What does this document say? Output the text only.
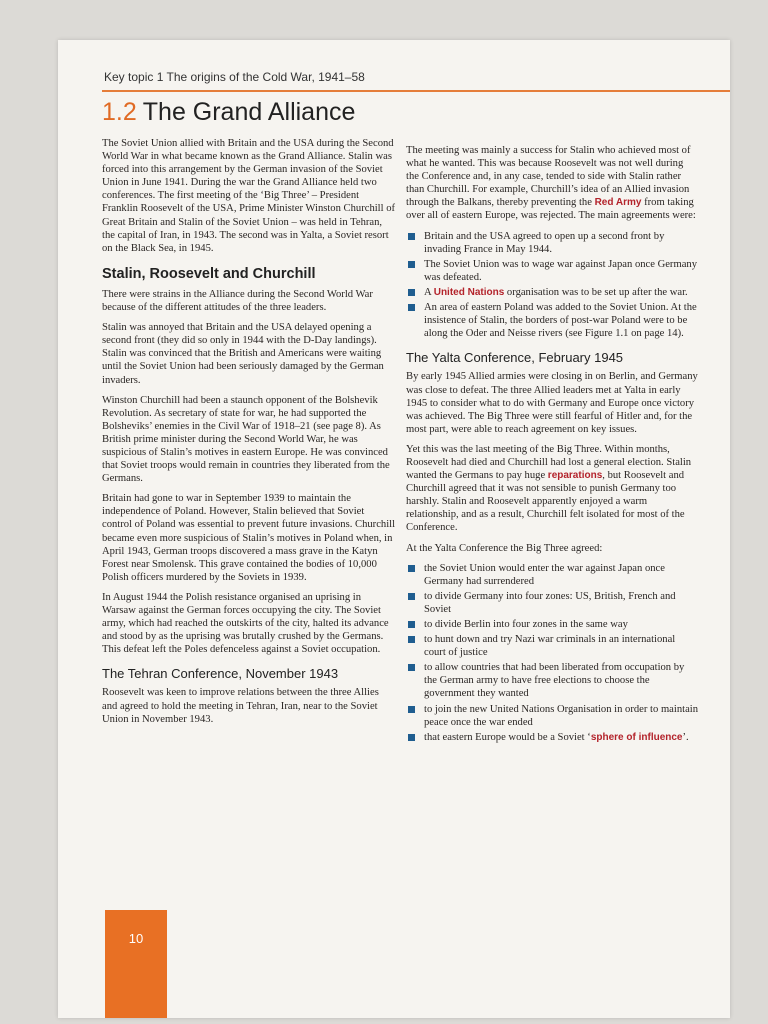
Key topic 1 The origins of the Cold War, 1941–58
1.2 The Grand Alliance

The Soviet Union allied with Britain and the USA during the Second World War in what became known as the Grand Alliance. Stalin was forced into this arrangement by the German invasion of the Soviet Union in June 1941. During the war the Grand Alliance held two conferences. The first meeting of the ‘Big Three’ – President Franklin Roosevelt of the USA, Prime Minister Winston Churchill of Great Britain and Stalin of the Soviet Union – was held in Tehran, the capital of Iran, in 1943. The second was in Yalta, a Soviet resort on the Black Sea, in 1945.

Stalin, Roosevelt and Churchill

There were strains in the Alliance during the Second World War because of the different attitudes of the three leaders.

Stalin was annoyed that Britain and the USA delayed opening a second front (they did so only in 1944 with the D-Day landings). Stalin was convinced that the British and Americans were waiting until the Soviet Union had been seriously damaged by the German invaders.

Winston Churchill had been a staunch opponent of the Bolshevik Revolution. As secretary of state for war, he had supported the Bolsheviks’ enemies in the Civil War of 1918–21 (see page 8). As British prime minister during the Second World War, he was suspicious of Stalin’s motives in eastern Europe. He was convinced that Soviet troops would remain in countries they liberated from the Germans.

Britain had gone to war in September 1939 to maintain the independence of Poland. However, Stalin believed that Soviet control of Poland was essential to prevent future invasions. Churchill became even more suspicious of Stalin’s motives in Poland when, in April 1943, German troops discovered a mass grave in the Katyn Forest near Smolensk. This grave contained the bodies of 10,000 Polish officers murdered by the Soviets in 1939.

In August 1944 the Polish resistance organised an uprising in Warsaw against the German forces occupying the city. The Soviet army, which had reached the outskirts of the city, halted its advance and stood by as the uprising was brutally crushed by the Germans. This defeat left the Poles defenceless against a Soviet occupation.

The Tehran Conference, November 1943

Roosevelt was keen to improve relations between the three Allies and agreed to hold the meeting in Tehran, Iran, near to the Soviet Union in November 1943.

The meeting was mainly a success for Stalin who achieved most of what he wanted. This was because Roosevelt was not well during the Conference and, in any case, tended to side with Stalin rather than Churchill. For example, Churchill’s idea of an Allied invasion through the Balkans, thereby preventing the Red Army from taking over all of eastern Europe, was rejected. The main agreements were:

Britain and the USA agreed to open up a second front by invading France in May 1944.
The Soviet Union was to wage war against Japan once Germany was defeated.
A United Nations organisation was to be set up after the war.
An area of eastern Poland was added to the Soviet Union. At the insistence of Stalin, the borders of post-war Poland were to be along the Oder and Neisse rivers (see Figure 1.1 on page 14).
The Yalta Conference, February 1945

By early 1945 Allied armies were closing in on Berlin, and Germany was close to defeat. The three Allied leaders met at Yalta in early 1945 to consider what to do with Germany and Europe once victory was achieved. The Big Three were still fearful of Hitler and, for the most part, were able to reach agreement on key issues.

Yet this was the last meeting of the Big Three. Within months, Roosevelt had died and Churchill had lost a general election. Stalin wanted the Germans to pay huge reparations, but Roosevelt and Churchill agreed that it was not sensible to punish Germany too harshly. Stalin and Roosevelt apparently enjoyed a warm relationship, and as a result, Churchill felt isolated for most of the Conference.

At the Yalta Conference the Big Three agreed:

the Soviet Union would enter the war against Japan once Germany had surrendered
to divide Germany into four zones: US, British, French and Soviet
to divide Berlin into four zones in the same way
to hunt down and try Nazi war criminals in an international court of justice
to allow countries that had been liberated from occupation by the German army to have free elections to choose the government they wanted
to join the new United Nations Organisation in order to maintain peace once the war ended
that eastern Europe would be a Soviet ‘sphere of influence’.
10
